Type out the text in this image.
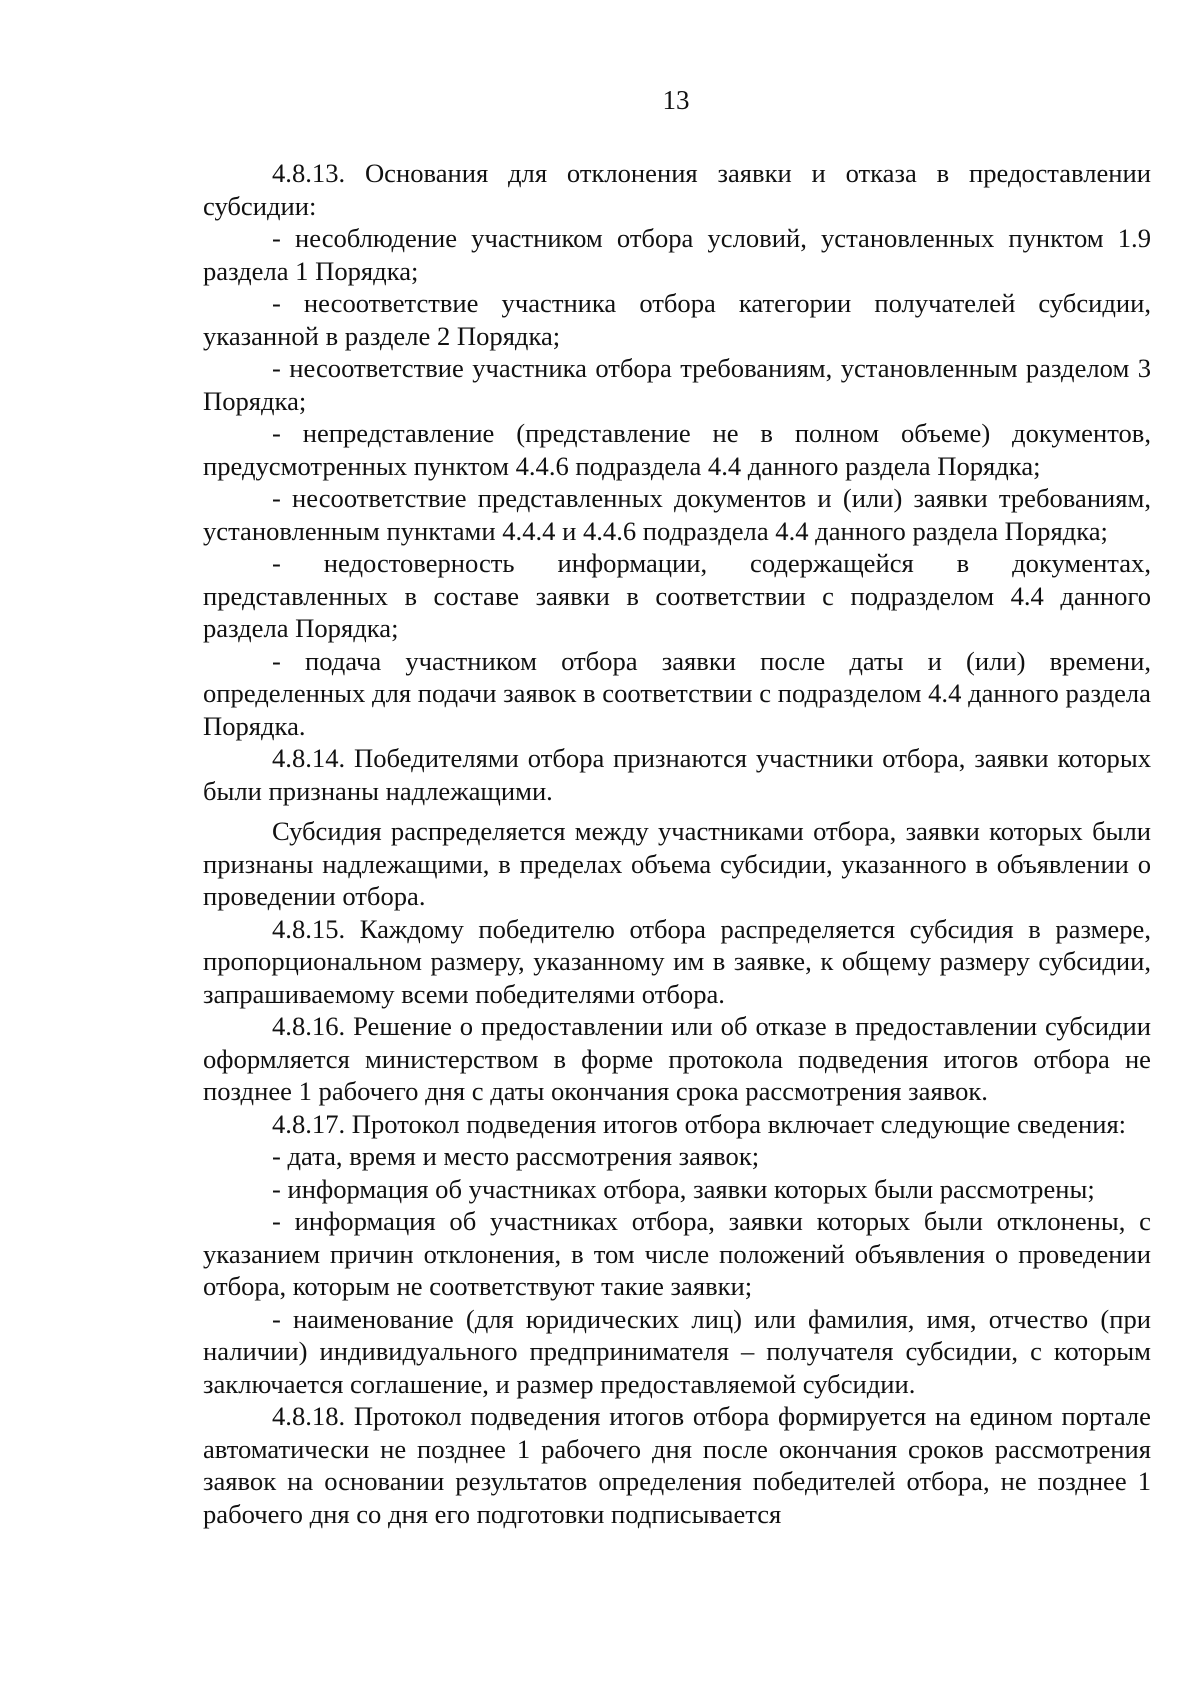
13

4.8.13. Основания для отклонения заявки и отказа в предоставлении субсидии:

- несоблюдение участником отбора условий, установленных пунктом 1.9 раздела 1 Порядка;

- несоответствие участника отбора категории получателей субсидии, указанной в разделе 2 Порядка;

- несоответствие участника отбора требованиям, установленным разделом 3 Порядка;

- непредставление (представление не в полном объеме) документов, предусмотренных пунктом 4.4.6 подраздела 4.4 данного раздела Порядка;

- несоответствие представленных документов и (или) заявки требованиям, установленным пунктами 4.4.4 и 4.4.6 подраздела 4.4 данного раздела Порядка;

- недостоверность информации, содержащейся в документах, представленных в составе заявки в соответствии с подразделом 4.4 данного раздела Порядка;

- подача участником отбора заявки после даты и (или) времени, определенных для подачи заявок в соответствии с подразделом 4.4 данного раздела Порядка.

4.8.14. Победителями отбора признаются участники отбора, заявки которых были признаны надлежащими.

Субсидия распределяется между участниками отбора, заявки которых были признаны надлежащими, в пределах объема субсидии, указанного в объявлении о проведении отбора.

4.8.15. Каждому победителю отбора распределяется субсидия в размере, пропорциональном размеру, указанному им в заявке, к общему размеру субсидии, запрашиваемому всеми победителями отбора.

4.8.16. Решение о предоставлении или об отказе в предоставлении субсидии оформляется министерством в форме протокола подведения итогов отбора не позднее 1 рабочего дня с даты окончания срока рассмотрения заявок.

4.8.17. Протокол подведения итогов отбора включает следующие сведения:

- дата, время и место рассмотрения заявок;

- информация об участниках отбора, заявки которых были рассмотрены;

- информация об участниках отбора, заявки которых были отклонены, с указанием причин отклонения, в том числе положений объявления о проведении отбора, которым не соответствуют такие заявки;

- наименование (для юридических лиц) или фамилия, имя, отчество (при наличии) индивидуального предпринимателя – получателя субсидии, с которым заключается соглашение, и размер предоставляемой субсидии.

4.8.18. Протокол подведения итогов отбора формируется на едином портале автоматически не позднее 1 рабочего дня после окончания сроков рассмотрения заявок на основании результатов определения победителей отбора, не позднее 1 рабочего дня со дня его подготовки подписывается
